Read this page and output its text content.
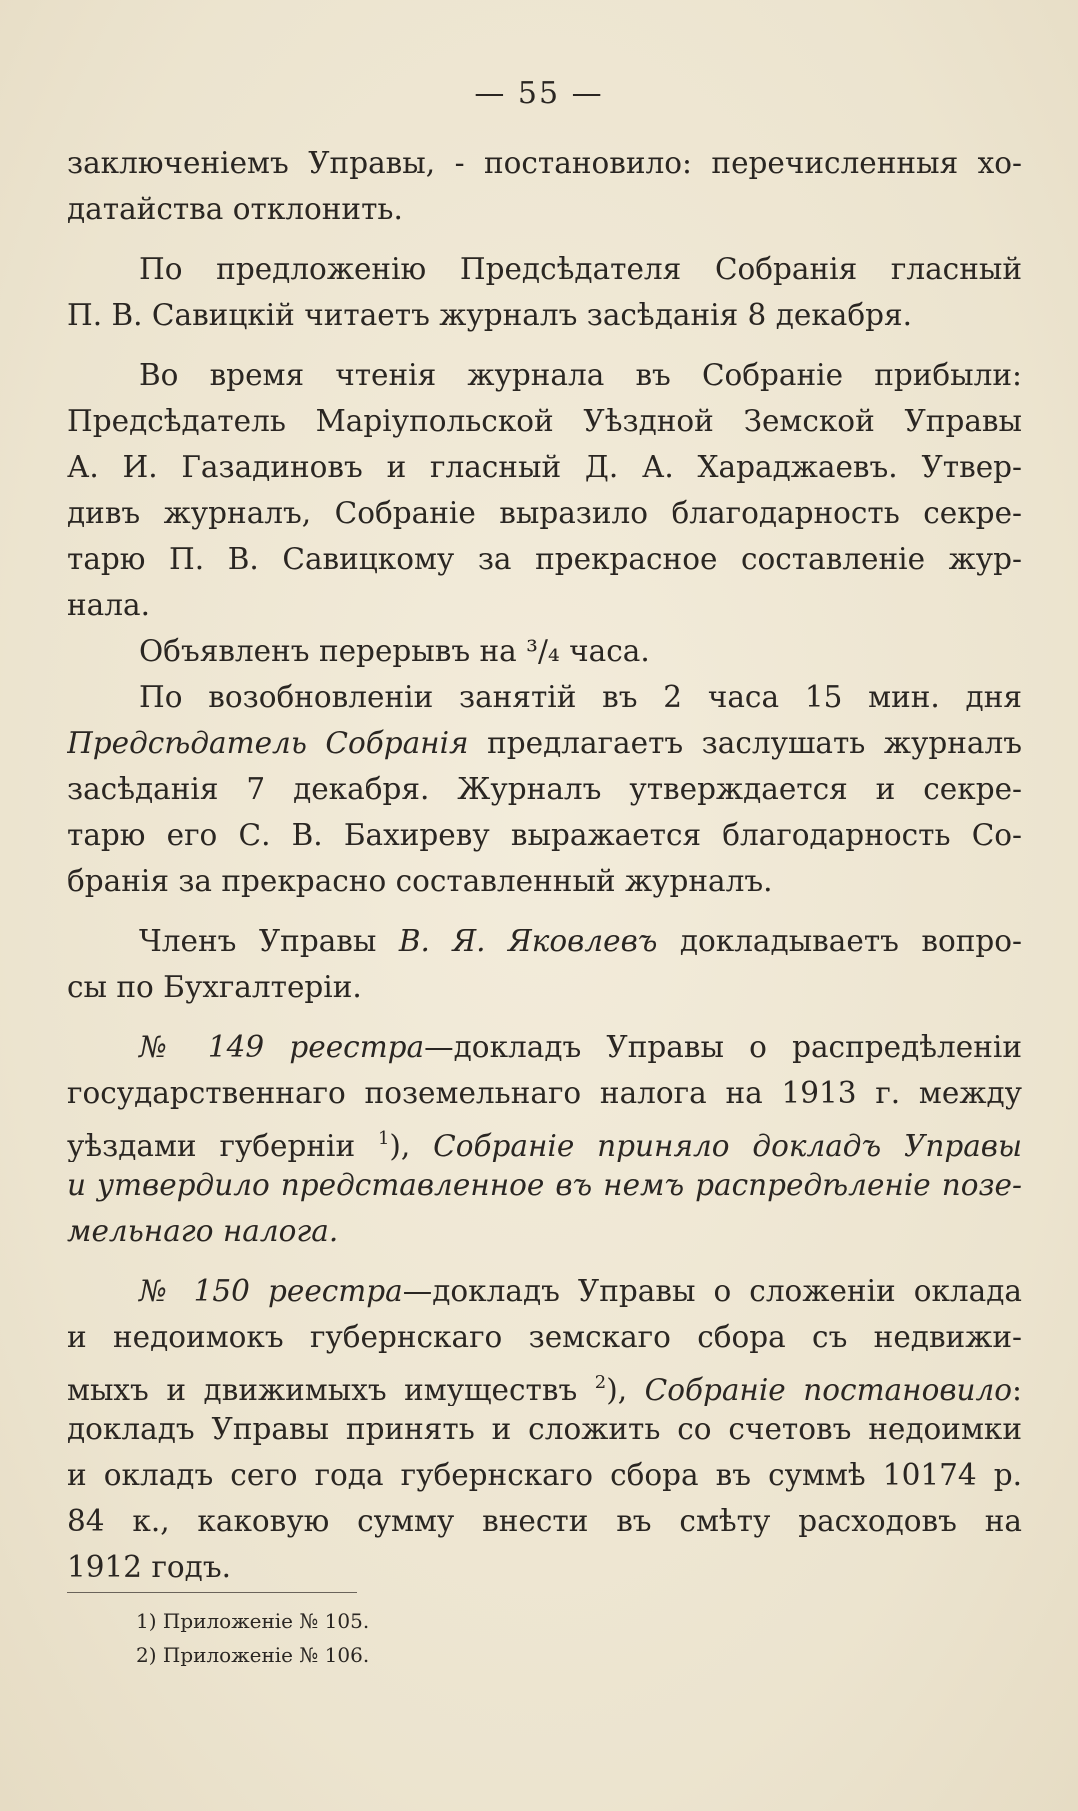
— 55 —
заключеніемъ Управы, - постановило: перечисленныя хо-
датайства отклонить.
По предложенію Предсѣдателя Собранія гласный
П. В. Савицкій читаетъ журналъ засѣданія 8 декабря.
Во время чтенія журнала въ Собраніе прибыли:
Предсѣдатель Маріупольской Уѣздной Земской Управы
А. И. Газадиновъ и гласный Д. А. Хараджаевъ. Утвер-
дивъ журналъ, Собраніе выразило благодарность секре-
тарю П. В. Савицкому за прекрасное составленіе жур-
нала.
Объявленъ перерывъ на ³/₄ часа.
По возобновленіи занятій въ 2 часа 15 мин. дня
Предсѣдатель Собранія предлагаетъ заслушать журналъ
засѣданія 7 декабря. Журналъ утверждается и секре-
тарю его С. В. Бахиреву выражается благодарность Со-
бранія за прекрасно составленный журналъ.
Членъ Управы В. Я. Яковлевъ докладываетъ вопро-
сы по Бухгалтеріи.
№ 149 реестра—докладъ Управы о распредѣленіи
государственнаго поземельнаго налога на 1913 г. между
уѣздами губерніи $^1$), Собраніе приняло докладъ Управы
и утвердило представленное въ немъ распредѣленіе позе-
мельнаго налога.
№ 150 реестра—докладъ Управы о сложеніи оклада
и недоимокъ губернскаго земскаго сбора съ недвижи-
мыхъ и движимыхъ имуществъ $^2$), Собраніе постановило:
докладъ Управы принять и сложить со счетовъ недоимки
и окладъ сего года губернскаго сбора въ суммѣ 10174 р.
84 к., каковую сумму внести въ смѣту расходовъ на
1912 годъ.
1) Приложеніе № 105.
2) Приложеніе № 106.
